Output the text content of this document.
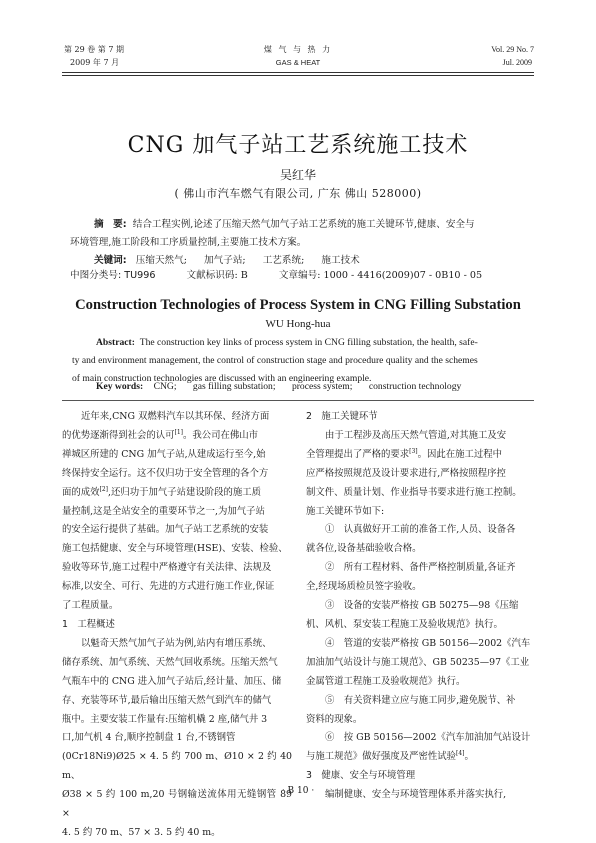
第 29 卷 第 7 期
2009 年 7 月
煤 气 与 热 力
GAS & HEAT
Vol. 29 No. 7
Jul. 2009
CNG 加气子站工艺系统施工技术
吴红华
( 佛山市汽车燃气有限公司, 广东 佛山 528000)
摘　要: 结合工程实例,论述了压缩天然气加气子站工艺系统的施工关键环节,健康、安全与
环境管理,施工阶段和工序质量控制,主要施工技术方案。
关键词: 压缩天然气; 加气子站; 工艺系统; 施工技术
中图分类号: TU996	文献标识码: B	文章编号: 1000 - 4416(2009)07 - 0B10 - 05
Construction Technologies of Process System in CNG Filling Substation
WU Hong-hua
Abstract: The construction key links of process system in CNG filling substation, the health, safe-
ty and environment management, the control of construction stage and procedure quality and the schemes
of main construction technologies are discussed with an engineering example.
Key words: CNG; gas filling substation; process system; construction technology

近年来,CNG 双燃料汽车以其环保、经济方面

的优势逐渐得到社会的认可[1]。我公司在佛山市

禅城区所建的 CNG 加气子站,从建成运行至今,始

终保持安全运行。这不仅归功于安全管理的各个方

面的成效[2],还归功于加气子站建设阶段的施工质

量控制,这是全站安全的重要环节之一,为加气子站

的安全运行提供了基础。加气子站工艺系统的安装

施工包括健康、安全与环境管理(HSE)、安装、检验、

验收等环节,施工过程中严格遵守有关法律、法规及

标准,以安全、可行、先进的方式进行施工作业,保证

了工程质量。

1　工程概述

以魁奇天然气加气子站为例,站内有增压系统、

储存系统、加气系统、天然气回收系统。压缩天然气

气瓶车中的 CNG 进入加气子站后,经计量、加压、储

存、充装等环节,最后输出压缩天然气到汽车的储气

瓶中。主要安装工作量有:压缩机橇 2 座,储气井 3

口,加气机 4 台,顺序控制盘 1 台,不锈钢管

(0Cr18Ni9)Ø25 × 4. 5 约 700 m、Ø10 × 2 约 40 m、

Ø38 × 5 约 100 m,20 号钢输送流体用无缝钢管 89 ×

4. 5 约 70 m、57 × 3. 5 约 40 m。

2　施工关键环节

由于工程涉及高压天然气管道,对其施工及安

全管理提出了严格的要求[3]。因此在施工过程中

应严格按照规范及设计要求进行,严格按照程序控

制文件、质量计划、作业指导书要求进行施工控制。

施工关键环节如下:

①　认真做好开工前的准备工作,人员、设备各

就各位,设备基础验收合格。

②　所有工程材料、备件严格控制质量,各证齐

全,经现场质检员签字验收。

③　设备的安装严格按 GB 50275—98《压缩

机、风机、泵安装工程施工及验收规范》执行。

④　管道的安装严格按 GB 50156—2002《汽车

加油加气站设计与施工规范》、GB 50235—97《工业

金属管道工程施工及验收规范》执行。

⑤　有关资料建立应与施工同步,避免脱节、补

资料的现象。

⑥　按 GB 50156—2002《汽车加油加气站设计

与施工规范》做好强度及严密性试验[4]。

3　健康、安全与环境管理

编制健康、安全与环境管理体系并落实执行,

· B 10 ·
